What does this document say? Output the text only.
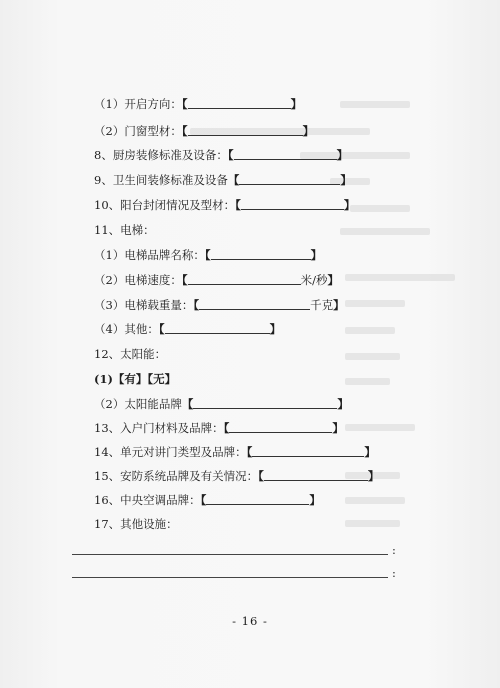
（1）开启方向：【	】
（2）门窗型材：【	】
8、厨房装修标准及设备：【	】
9、卫生间装修标准及设备【	】
10、阳台封闭情况及型材：【	】
11、电梯：
（1）电梯品牌名称：【	】
（2）电梯速度：【	米/秒】
（3）电梯载重量：【	千克】
（4）其他：【	】
12、太阳能：
(1)【有】【无】
（2）太阳能品牌【	】
13、入户门材料及品牌：【	】
14、单元对讲门类型及品牌：【	】
15、安防系统品牌及有关情况：【	】
16、中央空调品牌：【	】
17、其他设施：
:
:
- 16 -
